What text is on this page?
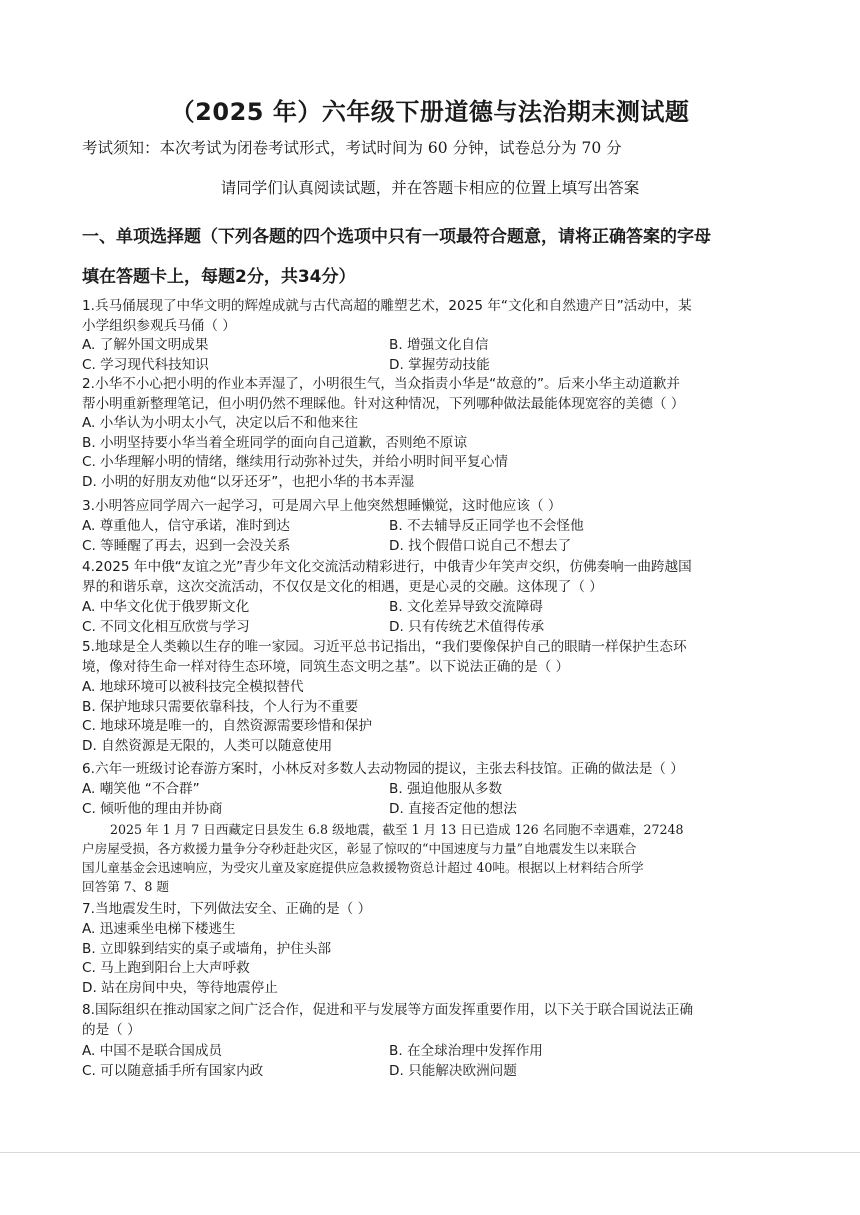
（2025 年）六年级下册道德与法治期末测试题
考试须知：本次考试为闭卷考试形式，考试时间为 60 分钟，试卷总分为 70 分
请同学们认真阅读试题，并在答题卡相应的位置上填写出答案
一、单项选择题（下列各题的四个选项中只有一项最符合题意，请将正确答案的字母
填在答题卡上，每题2分，共34分）
1.兵马俑展现了中华文明的辉煌成就与古代高超的雕塑艺术，2025 年“文化和自然遗产日”活动中，某
小学组织参观兵马俑（ ）
A. 了解外国文明成果	B. 增强文化自信
C. 学习现代科技知识	D. 掌握劳动技能
2.小华不小心把小明的作业本弄湿了，小明很生气，当众指责小华是“故意的”。后来小华主动道歉并
帮小明重新整理笔记，但小明仍然不理睬他。针对这种情况，下列哪种做法最能体现宽容的美德（ ）
A. 小华认为小明太小气，决定以后不和他来往
B. 小明坚持要小华当着全班同学的面向自己道歉，否则绝不原谅
C. 小华理解小明的情绪，继续用行动弥补过失，并给小明时间平复心情
D. 小明的好朋友劝他“以牙还牙”，也把小华的书本弄湿
3.小明答应同学周六一起学习，可是周六早上他突然想睡懒觉，这时他应该（ ）
A. 尊重他人，信守承诺，准时到达	B. 不去辅导反正同学也不会怪他
C. 等睡醒了再去，迟到一会没关系	D. 找个假借口说自己不想去了
4.2025 年中俄“友谊之光”青少年文化交流活动精彩进行，中俄青少年笑声交织，仿佛奏响一曲跨越国
界的和谐乐章，这次交流活动，不仅仅是文化的相遇，更是心灵的交融。这体现了（ ）
A. 中华文化优于俄罗斯文化	B. 文化差异导致交流障碍
C. 不同文化相互欣赏与学习	D. 只有传统艺术值得传承
5.地球是全人类赖以生存的唯一家园。习近平总书记指出，“我们要像保护自己的眼睛一样保护生态环
境，像对待生命一样对待生态环境，同筑生态文明之基”。以下说法正确的是（ ）
A. 地球环境可以被科技完全模拟替代
B. 保护地球只需要依靠科技，个人行为不重要
C. 地球环境是唯一的，自然资源需要珍惜和保护
D. 自然资源是无限的，人类可以随意使用
6.六年一班级讨论春游方案时，小林反对多数人去动物园的提议，主张去科技馆。正确的做法是（ ）
A. 嘲笑他 “不合群”	B. 强迫他服从多数
C. 倾听他的理由并协商	D. 直接否定他的想法
2025 年 1 月 7 日西藏定日县发生 6.8 级地震，截至 1 月 13 日已造成 126 名同胞不幸遇难，27248
户房屋受损，各方救援力量争分夺秒赶赴灾区，彰显了惊叹的“中国速度与力量”自地震发生以来联合
国儿童基金会迅速响应，为受灾儿童及家庭提供应急救援物资总计超过 40吨。根据以上材料结合所学
回答第 7、8 题
7.当地震发生时，下列做法安全、正确的是（ ）
A. 迅速乘坐电梯下楼逃生
B. 立即躲到结实的桌子或墙角，护住头部
C. 马上跑到阳台上大声呼救
D. 站在房间中央，等待地震停止
8.国际组织在推动国家之间广泛合作，促进和平与发展等方面发挥重要作用，以下关于联合国说法正确
的是（ ）
A. 中国不是联合国成员	B. 在全球治理中发挥作用
C. 可以随意插手所有国家内政	D. 只能解决欧洲问题
